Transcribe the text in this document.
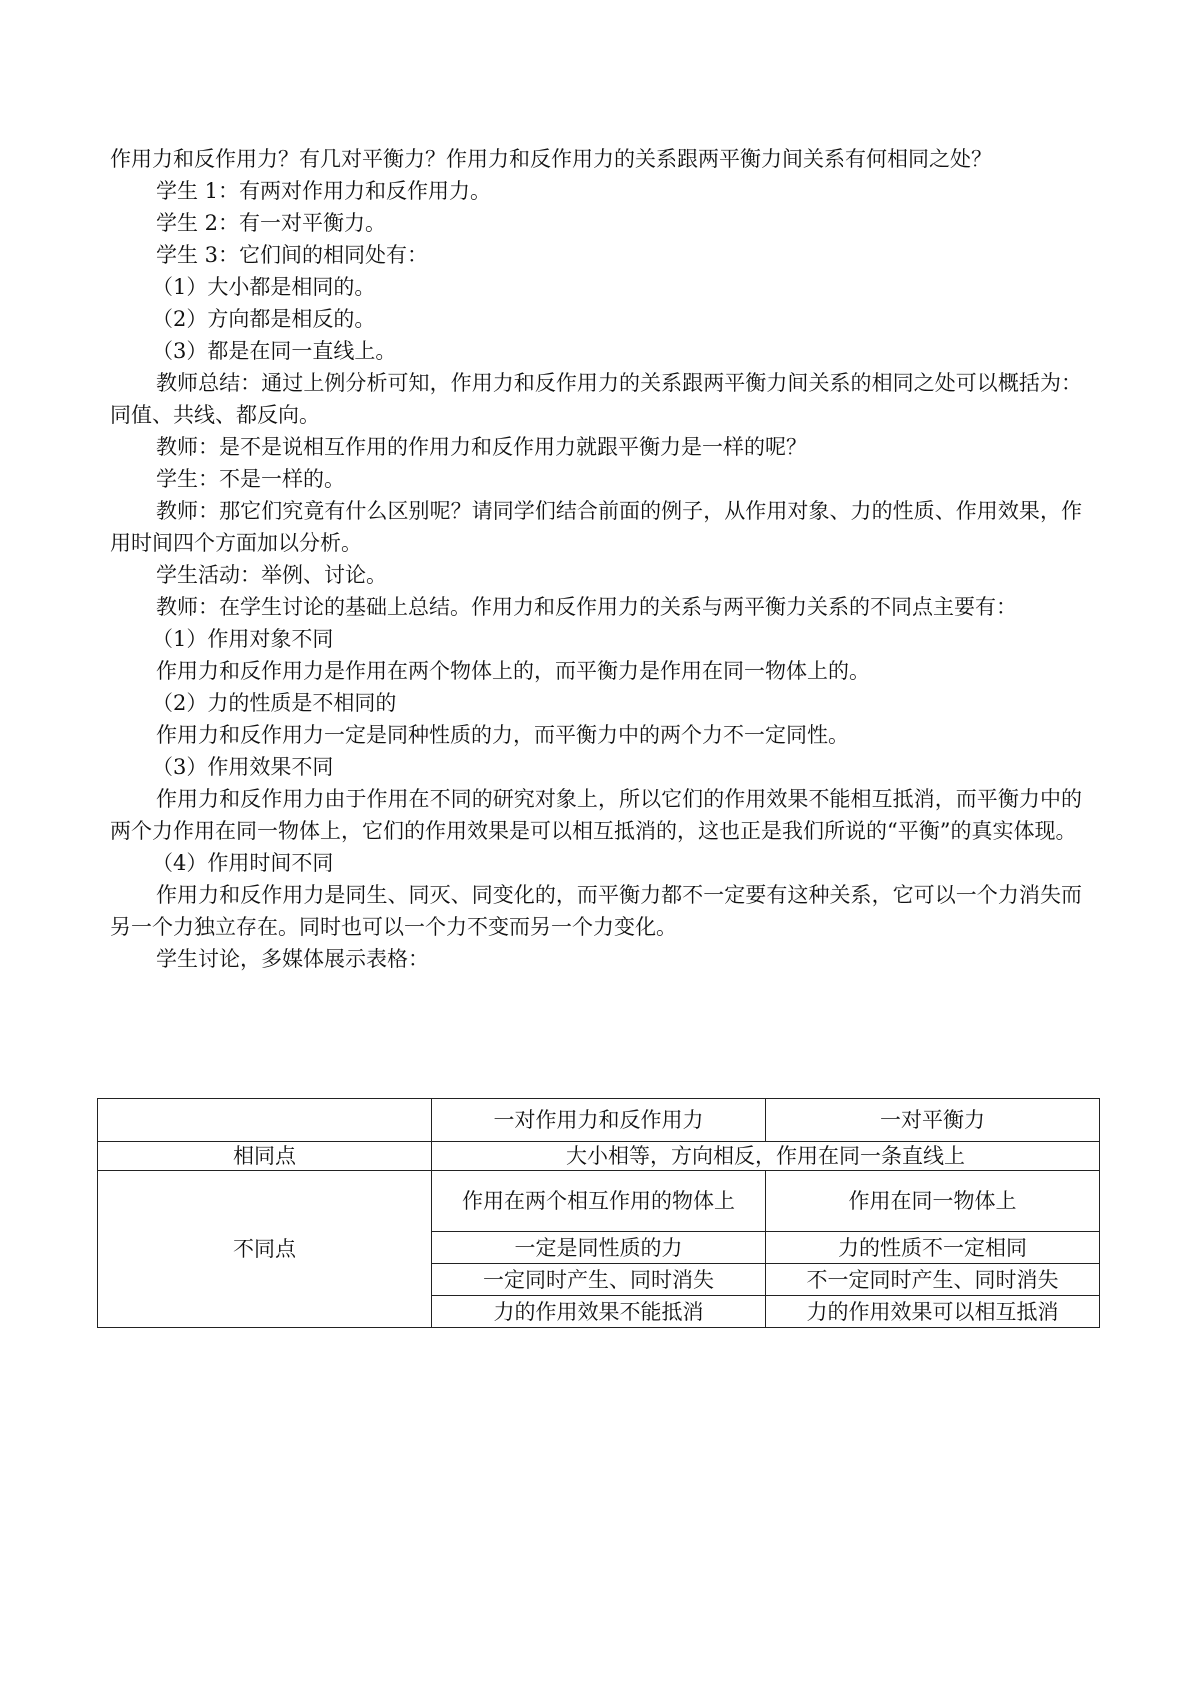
作用力和反作用力？有几对平衡力？作用力和反作用力的关系跟两平衡力间关系有何相同之处？
学生 1：有两对作用力和反作用力。
学生 2：有一对平衡力。
学生 3：它们间的相同处有：
（1）大小都是相同的。
（2）方向都是相反的。
（3）都是在同一直线上。
教师总结：通过上例分析可知，作用力和反作用力的关系跟两平衡力间关系的相同之处可以概括为：同值、共线、都反向。
教师：是不是说相互作用的作用力和反作用力就跟平衡力是一样的呢？
学生：不是一样的。
教师：那它们究竟有什么区别呢？请同学们结合前面的例子，从作用对象、力的性质、作用效果，作用时间四个方面加以分析。
学生活动：举例、讨论。
教师：在学生讨论的基础上总结。作用力和反作用力的关系与两平衡力关系的不同点主要有：
（1）作用对象不同
作用力和反作用力是作用在两个物体上的，而平衡力是作用在同一物体上的。
（2）力的性质是不相同的
作用力和反作用力一定是同种性质的力，而平衡力中的两个力不一定同性。
（3）作用效果不同
作用力和反作用力由于作用在不同的研究对象上，所以它们的作用效果不能相互抵消，而平衡力中的两个力作用在同一物体上，它们的作用效果是可以相互抵消的，这也正是我们所说的“平衡”的真实体现。
（4）作用时间不同
作用力和反作用力是同生、同灭、同变化的，而平衡力都不一定要有这种关系，它可以一个力消失而另一个力独立存在。同时也可以一个力不变而另一个力变化。
学生讨论，多媒体展示表格：
	一对作用力和反作用力	一对平衡力
相同点	大小相等，方向相反，作用在同一条直线上	
不同点	作用在两个相互作用的物体上	作用在同一物体上
	一定是同性质的力	力的性质不一定相同
	一定同时产生、同时消失	不一定同时产生、同时消失
	力的作用效果不能抵消	力的作用效果可以相互抵消
